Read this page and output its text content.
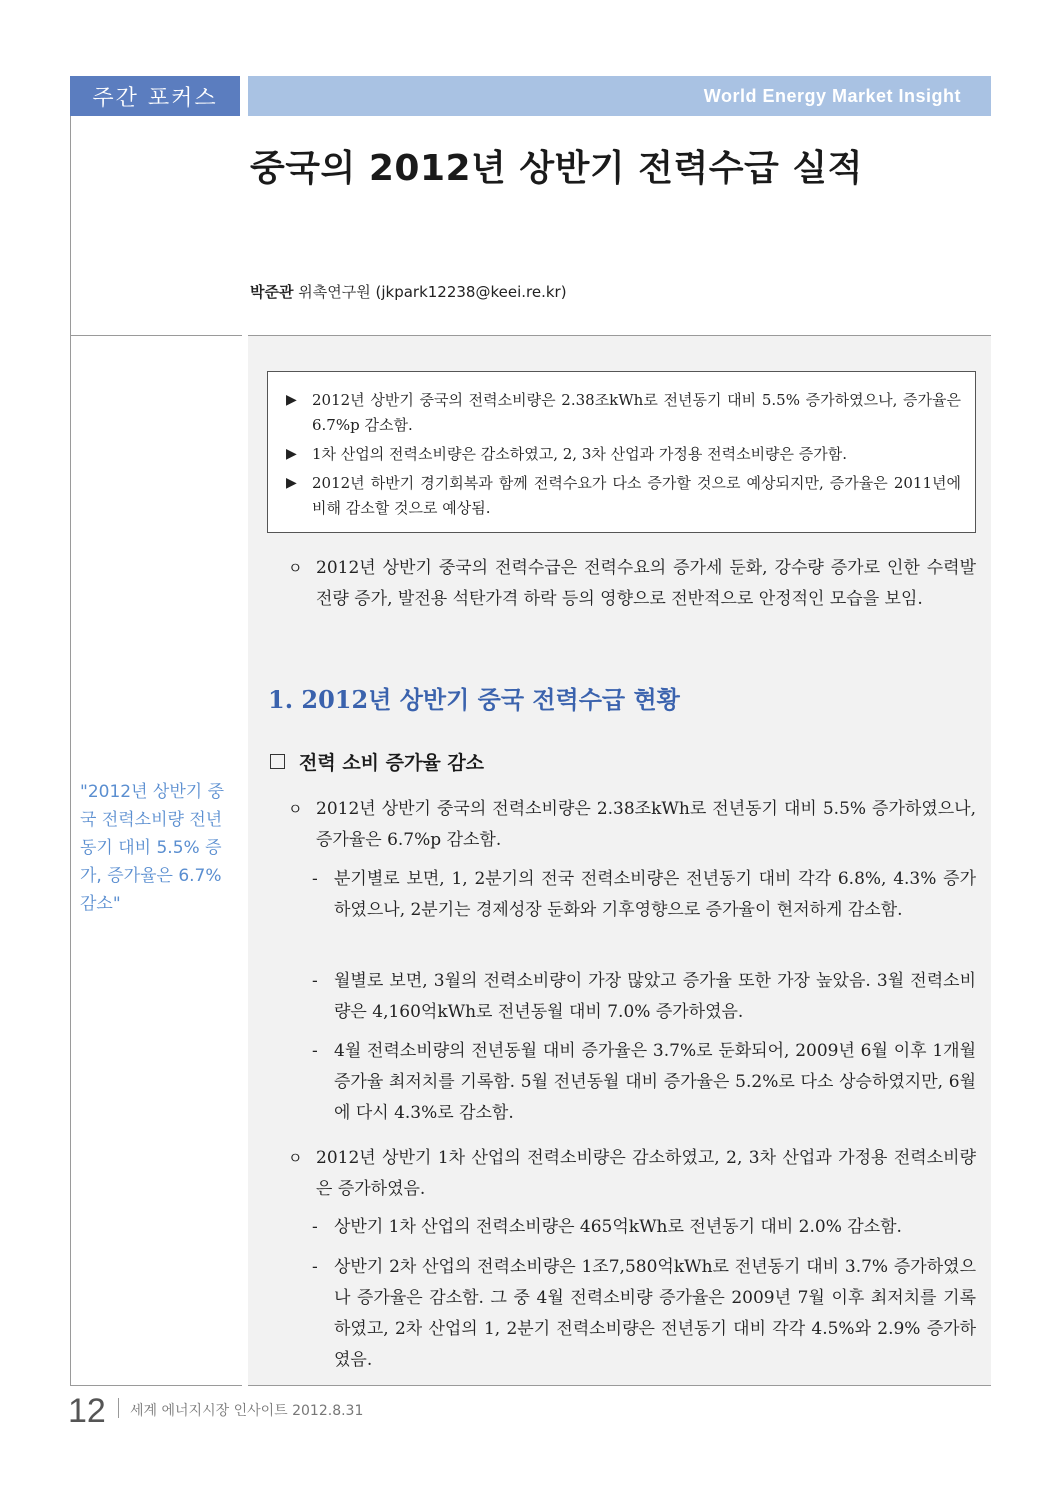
주간 포커스	World Energy Market Insight
중국의 2012년 상반기 전력수급 실적
박준관 위촉연구원 (jkpark12238@keei.re.kr)
▶	2012년 상반기 중국의 전력소비량은 2.38조kWh로 전년동기 대비 5.5% 증가하였으나, 증가율은 6.7%p 감소함.
▶	1차 산업의 전력소비량은 감소하였고, 2, 3차 산업과 가정용 전력소비량은 증가함.
▶	2012년 하반기 경기회복과 함께 전력수요가 다소 증가할 것으로 예상되지만, 증가율은 2011년에 비해 감소할 것으로 예상됨.
ㅇ 2012년 상반기 중국의 전력수급은 전력수요의 증가세 둔화, 강수량 증가로 인한 수력발전량 증가, 발전용 석탄가격 하락 등의 영향으로 전반적으로 안정적인 모습을 보임.
"2012년 상반기 중국 전력소비량 전년동기 대비 5.5% 증가, 증가율은 6.7% 감소"
1. 2012년 상반기 중국 전력수급 현황
전력 소비 증가율 감소
ㅇ 2012년 상반기 중국의 전력소비량은 2.38조kWh로 전년동기 대비 5.5% 증가하였으나, 증가율은 6.7%p 감소함.
- 분기별로 보면, 1, 2분기의 전국 전력소비량은 전년동기 대비 각각 6.8%, 4.3% 증가하였으나, 2분기는 경제성장 둔화와 기후영향으로 증가율이 현저하게 감소함.
- 월별로 보면, 3월의 전력소비량이 가장 많았고 증가율 또한 가장 높았음. 3월 전력소비량은 4,160억kWh로 전년동월 대비 7.0% 증가하였음.
- 4월 전력소비량의 전년동월 대비 증가율은 3.7%로 둔화되어, 2009년 6월 이후 1개월 증가율 최저치를 기록함. 5월 전년동월 대비 증가율은 5.2%로 다소 상승하였지만, 6월에 다시 4.3%로 감소함.
ㅇ 2012년 상반기 1차 산업의 전력소비량은 감소하였고, 2, 3차 산업과 가정용 전력소비량은 증가하였음.
- 상반기 1차 산업의 전력소비량은 465억kWh로 전년동기 대비 2.0% 감소함.
- 상반기 2차 산업의 전력소비량은 1조7,580억kWh로 전년동기 대비 3.7% 증가하였으나 증가율은 감소함. 그 중 4월 전력소비량 증가율은 2009년 7월 이후 최저치를 기록하였고, 2차 산업의 1, 2분기 전력소비량은 전년동기 대비 각각 4.5%와 2.9% 증가하였음.
12 세계 에너지시장 인사이트 2012.8.31
